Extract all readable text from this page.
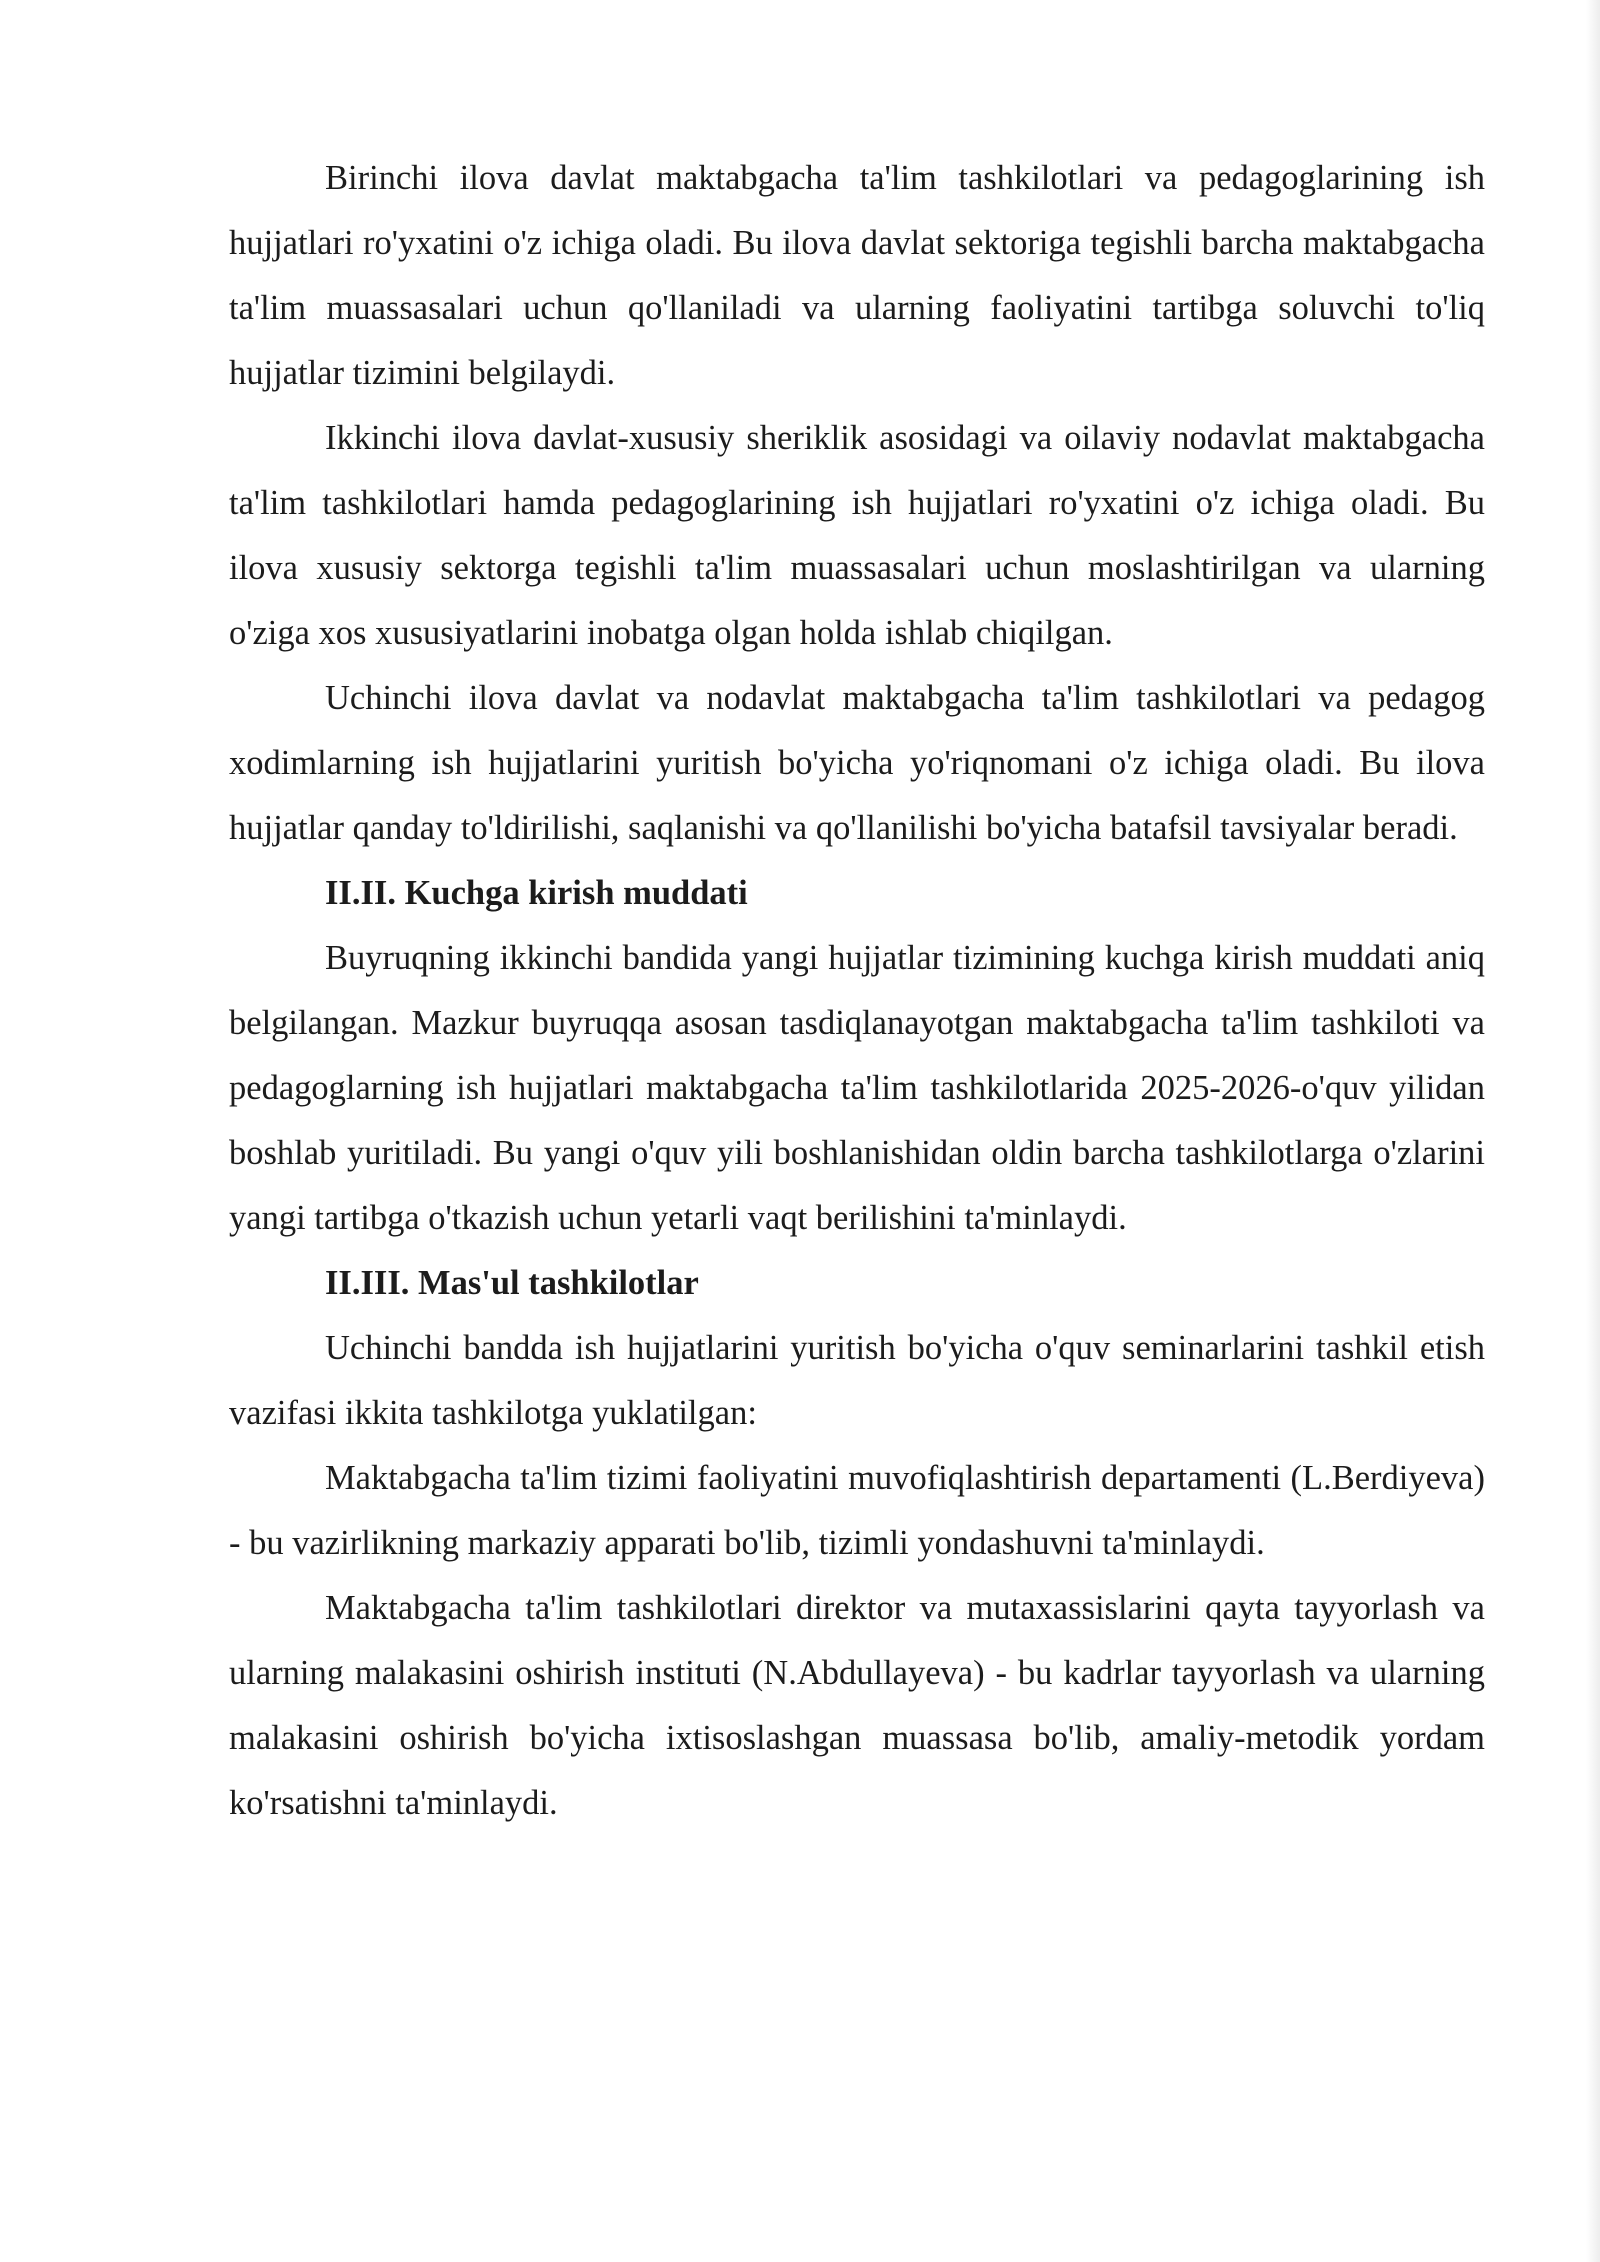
Birinchi ilova davlat maktabgacha ta'lim tashkilotlari va pedagoglarining ish hujjatlari ro'yxatini o'z ichiga oladi. Bu ilova davlat sektoriga tegishli barcha maktabgacha ta'lim muassasalari uchun qo'llaniladi va ularning faoliyatini tartibga soluvchi to'liq hujjatlar tizimini belgilaydi.

Ikkinchi ilova davlat-xususiy sheriklik asosidagi va oilaviy nodavlat maktabgacha ta'lim tashkilotlari hamda pedagoglarining ish hujjatlari ro'yxatini o'z ichiga oladi. Bu ilova xususiy sektorga tegishli ta'lim muassasalari uchun moslashtirilgan va ularning o'ziga xos xususiyatlarini inobatga olgan holda ishlab chiqilgan.

Uchinchi ilova davlat va nodavlat maktabgacha ta'lim tashkilotlari va pedagog xodimlarning ish hujjatlarini yuritish bo'yicha yo'riqnomani o'z ichiga oladi. Bu ilova hujjatlar qanday to'ldirilishi, saqlanishi va qo'llanilishi bo'yicha batafsil tavsiyalar beradi.

II.II. Kuchga kirish muddati

Buyruqning ikkinchi bandida yangi hujjatlar tizimining kuchga kirish muddati aniq belgilangan. Mazkur buyruqqa asosan tasdiqlanayotgan maktabgacha ta'lim tashkiloti va pedagoglarning ish hujjatlari maktabgacha ta'lim tashkilotlarida 2025-2026-o'quv yilidan boshlab yuritiladi. Bu yangi o'quv yili boshlanishidan oldin barcha tashkilotlarga o'zlarini yangi tartibga o'tkazish uchun yetarli vaqt berilishini ta'minlaydi.

II.III. Mas'ul tashkilotlar

Uchinchi bandda ish hujjatlarini yuritish bo'yicha o'quv seminarlarini tashkil etish vazifasi ikkita tashkilotga yuklatilgan:

Maktabgacha ta'lim tizimi faoliyatini muvofiqlashtirish departamenti (L.Berdiyeva) - bu vazirlikning markaziy apparati bo'lib, tizimli yondashuvni ta'minlaydi.

Maktabgacha ta'lim tashkilotlari direktor va mutaxassislarini qayta tayyorlash va ularning malakasini oshirish instituti (N.Abdullayeva) - bu kadrlar tayyorlash va ularning malakasini oshirish bo'yicha ixtisoslashgan muassasa bo'lib, amaliy-metodik yordam ko'rsatishni ta'minlaydi.
